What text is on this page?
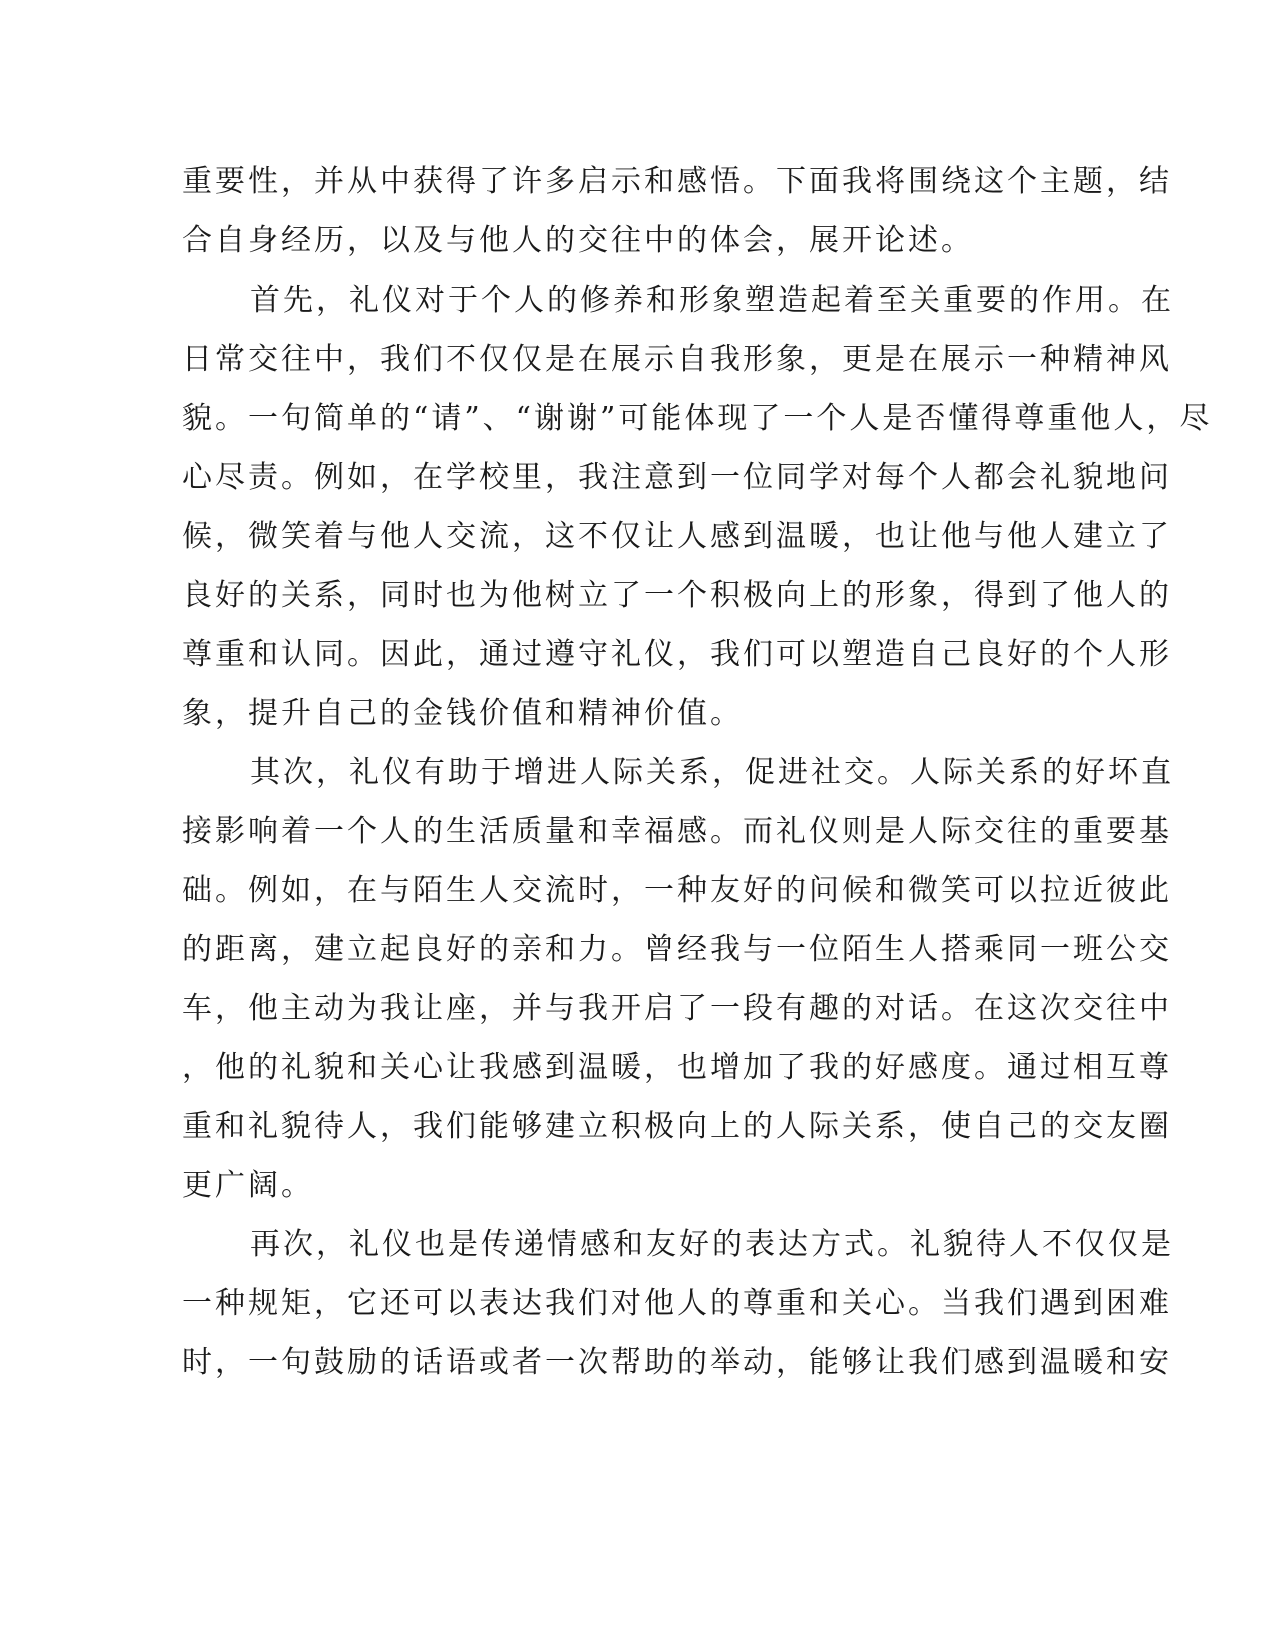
重要性，并从中获得了许多启示和感悟。下面我将围绕这个主题，结
合自身经历，以及与他人的交往中的体会，展开论述。
首先，礼仪对于个人的修养和形象塑造起着至关重要的作用。在
日常交往中，我们不仅仅是在展示自我形象，更是在展示一种精神风
貌。一句简单的“请”、“谢谢”可能体现了一个人是否懂得尊重他人，尽
心尽责。例如，在学校里，我注意到一位同学对每个人都会礼貌地问
候，微笑着与他人交流，这不仅让人感到温暖，也让他与他人建立了
良好的关系，同时也为他树立了一个积极向上的形象，得到了他人的
尊重和认同。因此，通过遵守礼仪，我们可以塑造自己良好的个人形
象，提升自己的金钱价值和精神价值。
其次，礼仪有助于增进人际关系，促进社交。人际关系的好坏直
接影响着一个人的生活质量和幸福感。而礼仪则是人际交往的重要基
础。例如，在与陌生人交流时，一种友好的问候和微笑可以拉近彼此
的距离，建立起良好的亲和力。曾经我与一位陌生人搭乘同一班公交
车，他主动为我让座，并与我开启了一段有趣的对话。在这次交往中
，他的礼貌和关心让我感到温暖，也增加了我的好感度。通过相互尊
重和礼貌待人，我们能够建立积极向上的人际关系，使自己的交友圈
更广阔。
再次，礼仪也是传递情感和友好的表达方式。礼貌待人不仅仅是
一种规矩，它还可以表达我们对他人的尊重和关心。当我们遇到困难
时，一句鼓励的话语或者一次帮助的举动，能够让我们感到温暖和安
